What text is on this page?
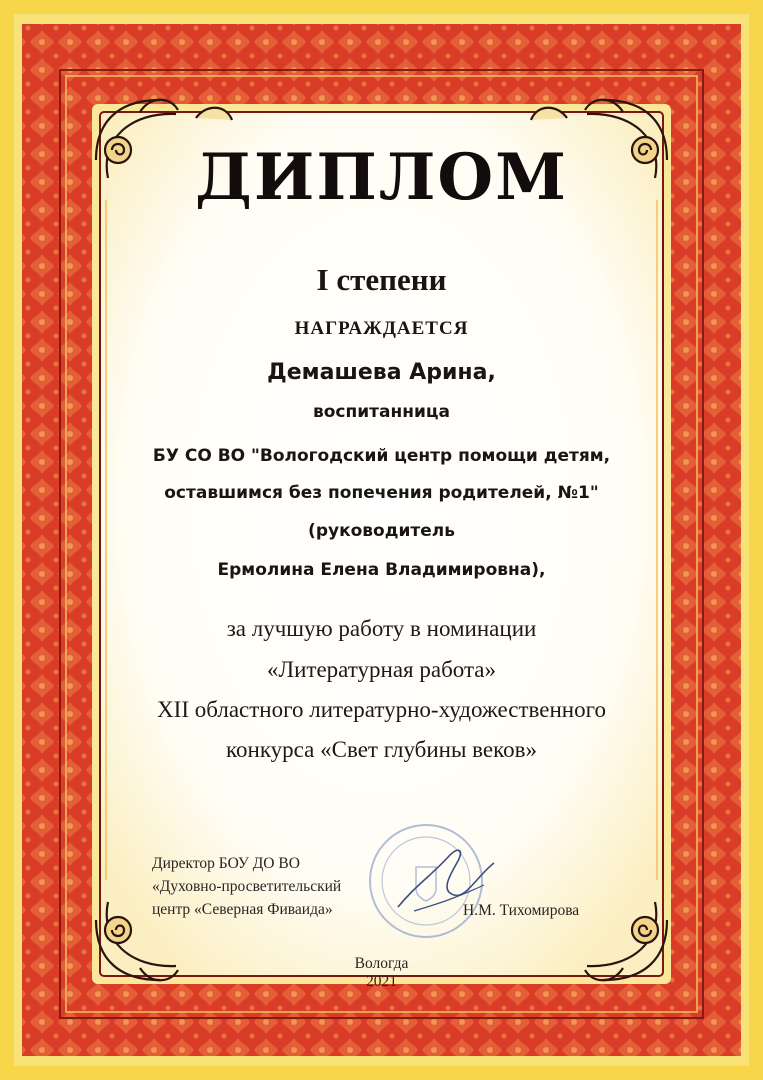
ДИПЛОМ
I степени
НАГРАЖДАЕТСЯ
Демашева Арина,
воспитанница
БУ СО ВО "Вологодский центр помощи детям,
оставшимся без попечения родителей, №1"
(руководитель
Ермолина Елена Владимировна),
за лучшую работу в номинации
«Литературная работа»
XII областного литературно-художественного
конкурса «Свет глубины веков»
Директор БОУ ДО ВО
«Духовно-просветительский
центр «Северная Фиваида»	Н.М. Тихомирова
Вологда
2021
